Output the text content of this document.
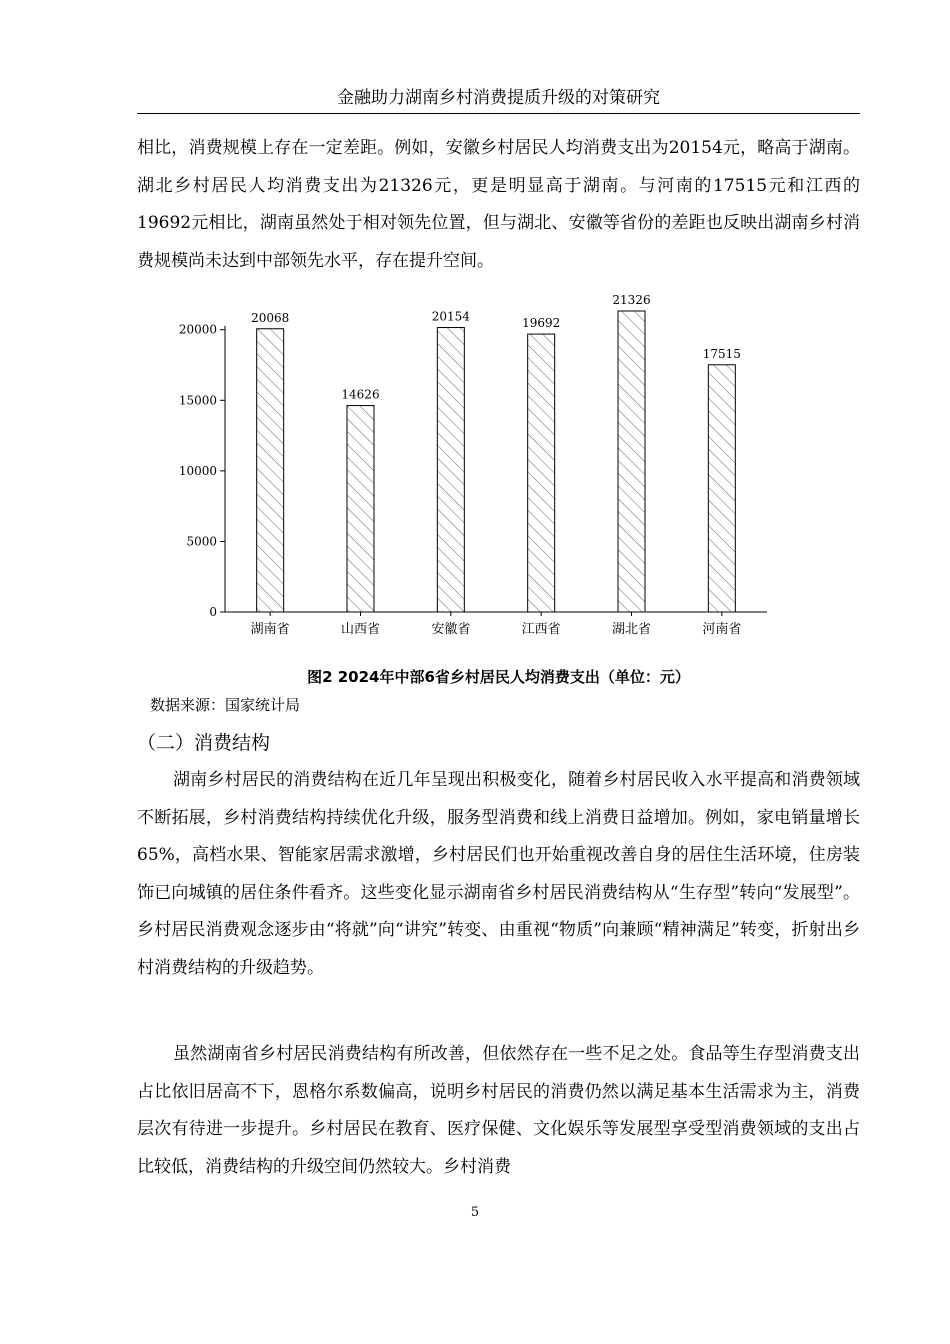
金融助力湖南乡村消费提质升级的对策研究

相比，消费规模上存在一定差距。例如，安徽乡村居民人均消费支出为20154元，略高于湖南。湖北乡村居民人均消费支出为21326元，更是明显高于湖南。与河南的17515元和江西的19692元相比，湖南虽然处于相对领先位置，但与湖北、安徽等省份的差距也反映出湖南乡村消费规模尚未达到中部领先水平，存在提升空间。

0
5000
10000
15000
20000
20068
湖南省
14626
山西省
20154
安徽省
19692
江西省
21326
湖北省
17515
河南省
图2 2024年中部6省乡村居民人均消费支出（单位：元）
数据来源：国家统计局
（二）消费结构

湖南乡村居民的消费结构在近几年呈现出积极变化，随着乡村居民收入水平提高和消费领域不断拓展，乡村消费结构持续优化升级，服务型消费和线上消费日益增加。例如，家电销量增长65%，高档水果、智能家居需求激增，乡村居民们也开始重视改善自身的居住生活环境，住房装饰已向城镇的居住条件看齐。这些变化显示湖南省乡村居民消费结构从“生存型”转向“发展型”。乡村居民消费观念逐步由“将就”向“讲究”转变、由重视“物质”向兼顾“精神满足”转变，折射出乡村消费结构的升级趋势。

虽然湖南省乡村居民消费结构有所改善，但依然存在一些不足之处。食品等生存型消费支出占比依旧居高不下，恩格尔系数偏高，说明乡村居民的消费仍然以满足基本生活需求为主，消费层次有待进一步提升。乡村居民在教育、医疗保健、文化娱乐等发展型享受型消费领域的支出占比较低，消费结构的升级空间仍然较大。乡村消费

5
